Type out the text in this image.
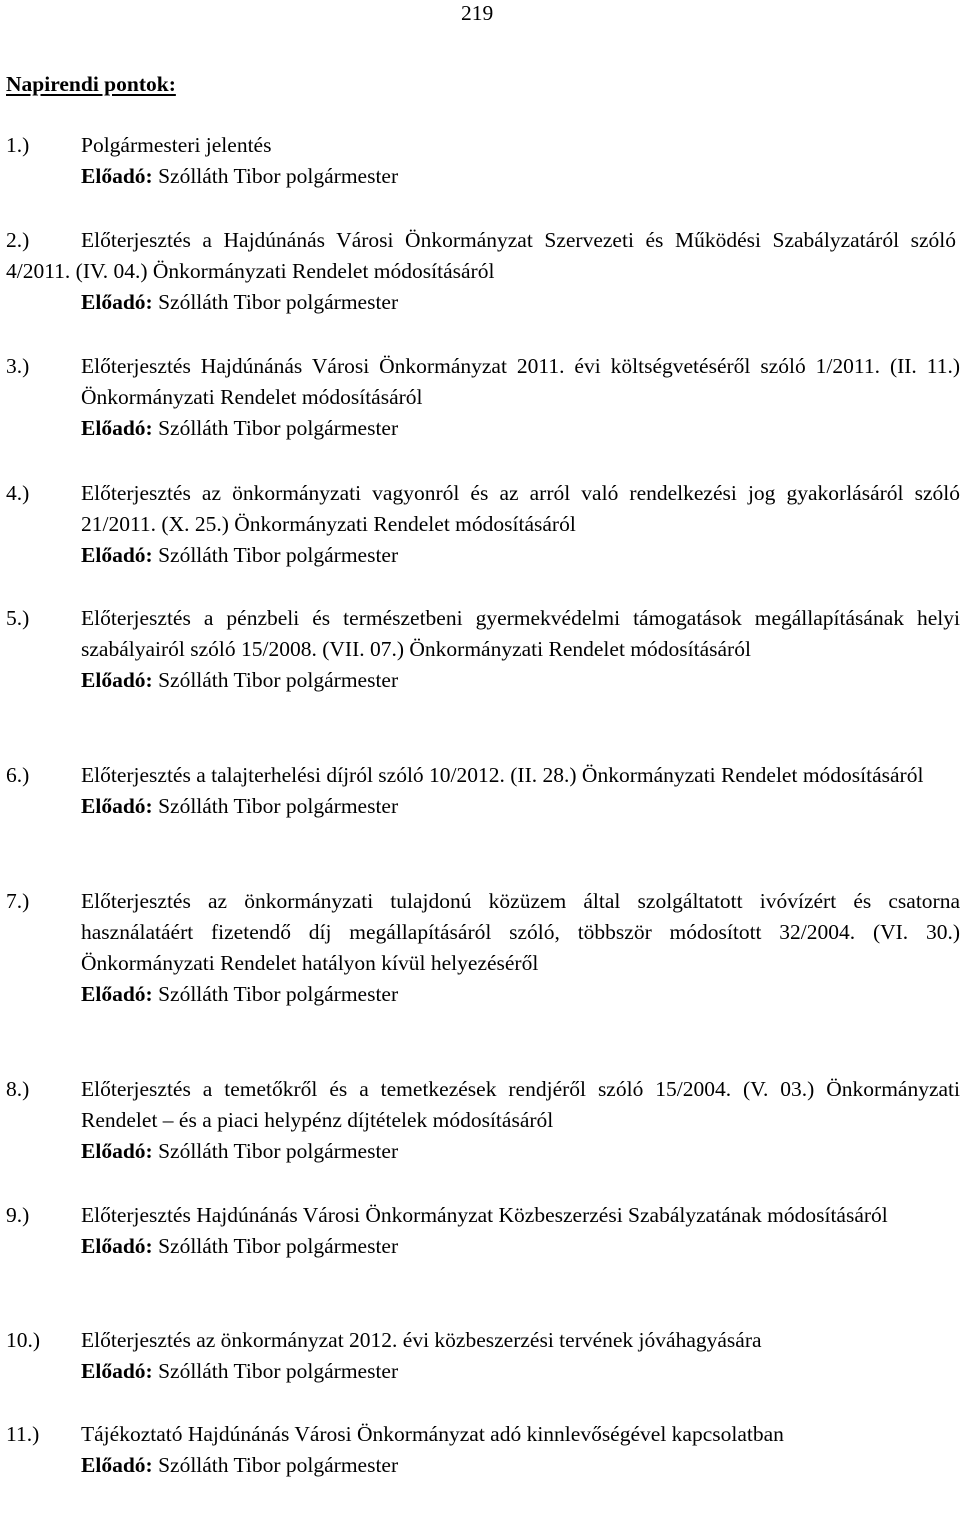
219
Napirendi pontok:
1.)	Polgármesteri jelentés
Előadó: Szólláth Tibor polgármester
2.)	Előterjesztés a Hajdúnánás Városi Önkormányzat Szervezeti és Működési Szabályzatáról szóló 4/2011. (IV. 04.) Önkormányzati Rendelet módosításáról
Előadó: Szólláth Tibor polgármester
3.)	Előterjesztés Hajdúnánás Városi Önkormányzat 2011. évi költségvetéséről szóló 1/2011. (II. 11.) Önkormányzati Rendelet módosításáról
Előadó: Szólláth Tibor polgármester
4.)	Előterjesztés az önkormányzati vagyonról és az arról való rendelkezési jog gyakorlásáról szóló 21/2011. (X. 25.) Önkormányzati Rendelet módosításáról
Előadó: Szólláth Tibor polgármester
5.)	Előterjesztés a pénzbeli és természetbeni gyermekvédelmi támogatások megállapításának helyi szabályairól szóló 15/2008. (VII. 07.) Önkormányzati Rendelet módosításáról
Előadó: Szólláth Tibor polgármester
6.)	Előterjesztés a talajterhelési díjról szóló 10/2012. (II. 28.) Önkormányzati Rendelet módosításáról
Előadó: Szólláth Tibor polgármester
7.)	Előterjesztés az önkormányzati tulajdonú közüzem által szolgáltatott ivóvízért és csatorna használatáért fizetendő díj megállapításáról szóló, többször módosított 32/2004. (VI. 30.) Önkormányzati Rendelet hatályon kívül helyezéséről
Előadó: Szólláth Tibor polgármester
8.)	Előterjesztés a temetőkről és a temetkezések rendjéről szóló 15/2004. (V. 03.) Önkormányzati Rendelet – és a piaci helypénz díjtételek módosításáról
Előadó: Szólláth Tibor polgármester
9.)	Előterjesztés Hajdúnánás Városi Önkormányzat Közbeszerzési Szabályzatának módosításáról
Előadó: Szólláth Tibor polgármester
10.)	Előterjesztés az önkormányzat 2012. évi közbeszerzési tervének jóváhagyására
Előadó: Szólláth Tibor polgármester
11.)	Tájékoztató Hajdúnánás Városi Önkormányzat adó kinnlevőségével kapcsolatban
Előadó: Szólláth Tibor polgármester
